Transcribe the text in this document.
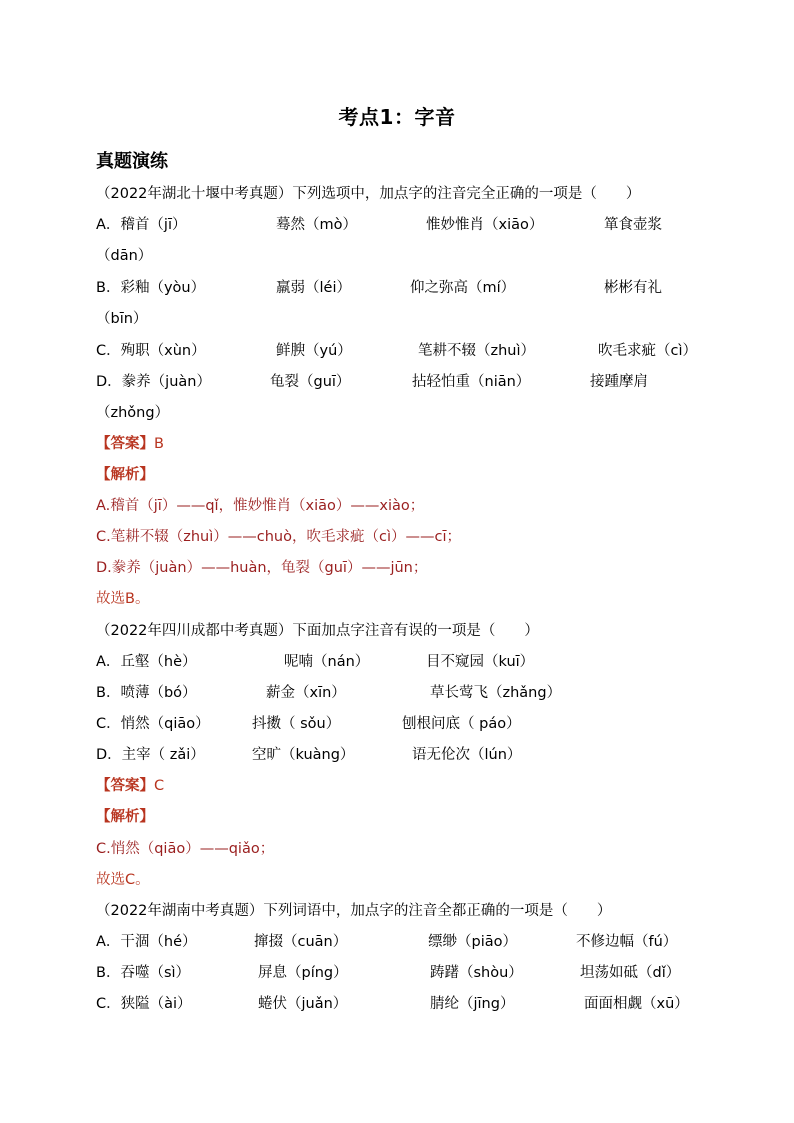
考点1：字音
真题演练
（2022年湖北十堰中考真题）下列选项中，加点字的注音完全正确的一项是（　　）
A．稽首（jī）	蓦然（mò）	惟妙惟肖（xiāo）	箪食壶浆
（dān）
B．彩釉（yòu）	羸弱（léi）	仰之弥高（mí）	彬彬有礼
（bīn）
C．殉职（xùn）	鲜腴（yú）	笔耕不辍（zhuì）	吹毛求疵（cì）
D．豢养（juàn）	龟裂（guī）	拈轻怕重（niān）	接踵摩肩
（zhǒng）
【答案】B
【解析】
A.稽首（jī）——qǐ，惟妙惟肖（xiāo）——xiào；
C.笔耕不辍（zhuì）——chuò，吹毛求疵（cì）——cī；
D.豢养（juàn）——huàn，龟裂（guī）——jūn；
故选B。
（2022年四川成都中考真题）下面加点字注音有误的一项是（　　）
A．丘壑（hè）	呢喃（nán）	目不窥园（kuī）
B．喷薄（bó）	薪金（xīn）	草长莺飞（zhǎng）
C．悄然（qiāo）	抖擞（ sǒu）	刨根问底（ páo）
D．主宰（ zǎi）	空旷（kuàng）	语无伦次（lún）
【答案】C
【解析】
C.悄然（qiāo）——qiǎo；
故选C。
（2022年湖南中考真题）下列词语中，加点字的注音全都正确的一项是（　　）
A．干涸（hé）	撺掇（cuān）	缥缈（piāo）	不修边幅（fú）
B．吞噬（sì）	屏息（píng）	踌躇（shòu）	坦荡如砥（dǐ）
C．狭隘（ài）	蜷伏（juǎn）	腈纶（jīng）	面面相觑（xū）
